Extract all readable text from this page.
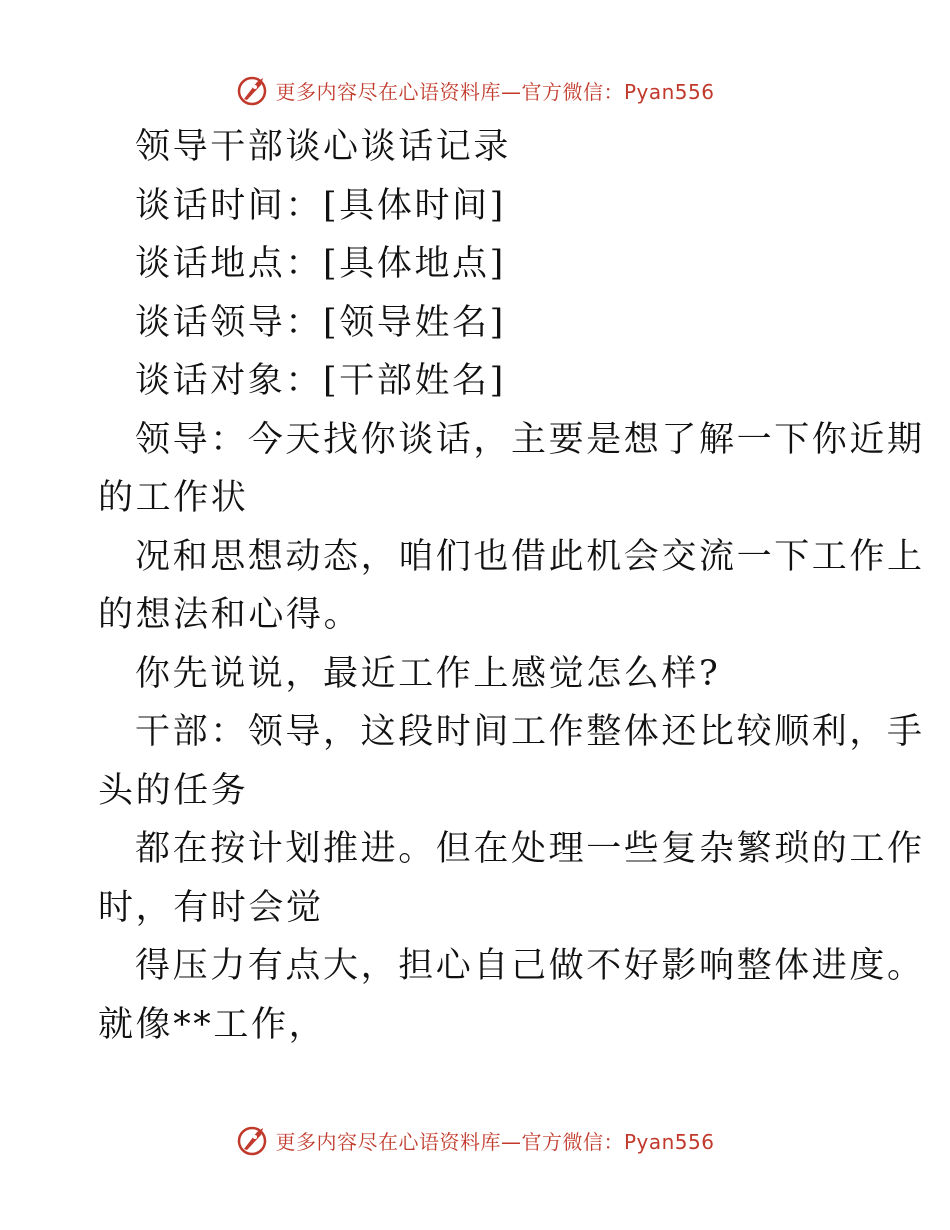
更多内容尽在心语资料库—官方微信：Pyan556

领导干部谈心谈话记录

谈话时间：[具体时间]

谈话地点：[具体地点]

谈话领导：[领导姓名]

谈话对象：[干部姓名]

领导：今天找你谈话，主要是想了解一下你近期

的工作状

况和思想动态，咱们也借此机会交流一下工作上

的想法和心得。

你先说说，最近工作上感觉怎么样?

干部：领导，这段时间工作整体还比较顺利，手

头的任务

都在按计划推进。但在处理一些复杂繁琐的工作

时，有时会觉

得压力有点大，担心自己做不好影响整体进度。

就像**工作，

更多内容尽在心语资料库—官方微信：Pyan556
